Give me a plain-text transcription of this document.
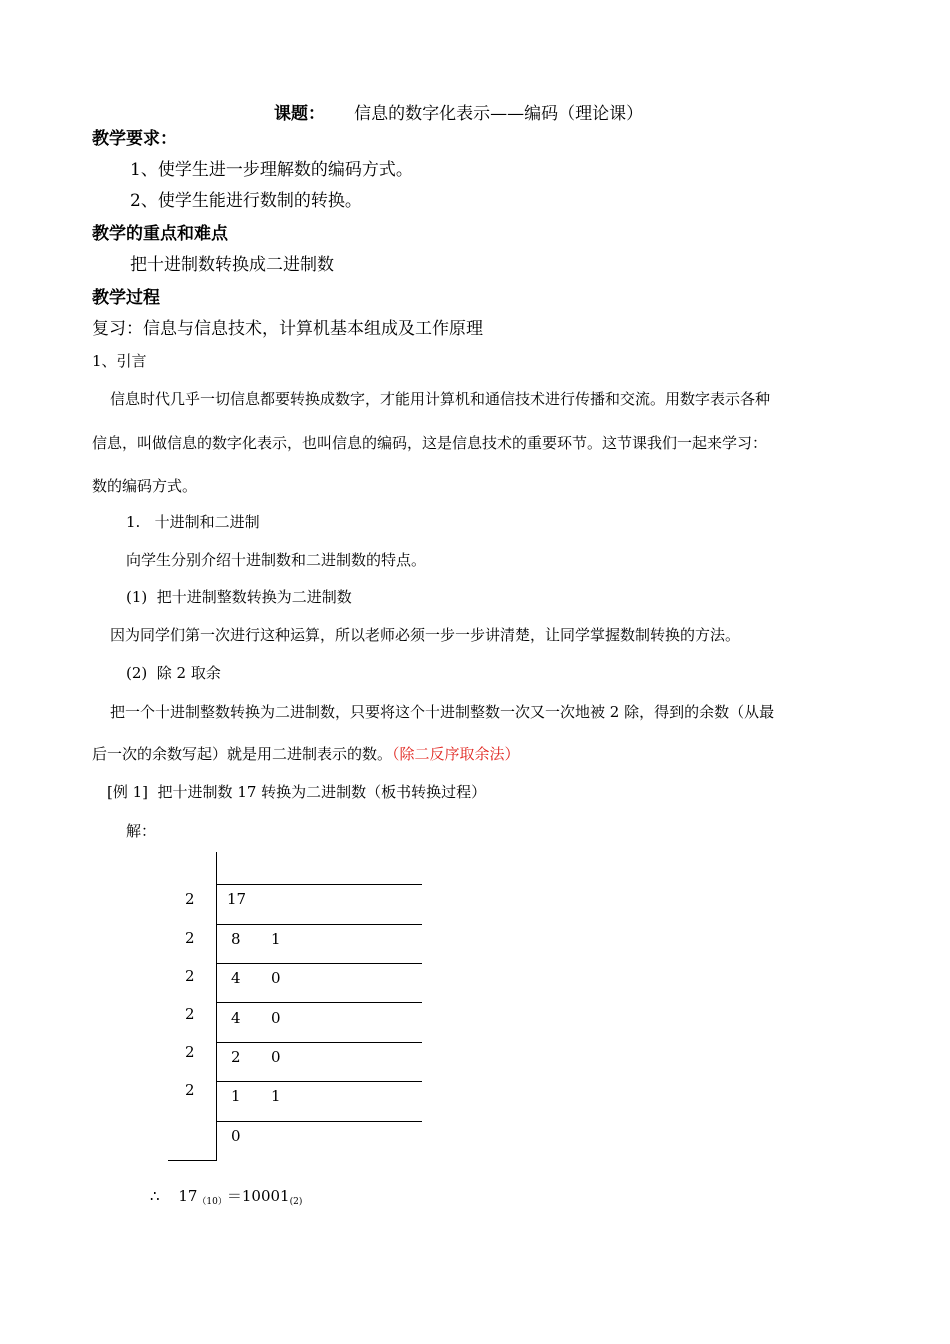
课题： 信息的数字化表示——编码（理论课）
教学要求：
1、使学生进一步理解数的编码方式。
2、使学生能进行数制的转换。
教学的重点和难点
把十进制数转换成二进制数
教学过程
复习：信息与信息技术，计算机基本组成及工作原理
1、引言
信息时代几乎一切信息都要转换成数字，才能用计算机和通信技术进行传播和交流。用数字表示各种
信息，叫做信息的数字化表示，也叫信息的编码，这是信息技术的重要环节。这节课我们一起来学习：
数的编码方式。
1.   十进制和二进制
向学生分别介绍十进制数和二进制数的特点。
(1)  把十进制整数转换为二进制数
因为同学们第一次进行这种运算，所以老师必须一步一步讲清楚，让同学掌握数制转换的方法。
(2)  除 2 取余
把一个十进制整数转换为二进制数，只要将这个十进制整数一次又一次地被 2 除，得到的余数（从最
后一次的余数写起）就是用二进制表示的数。（除二反序取余法）
[例 1]  把十进制数 17 转换为二进制数（板书转换过程）
解：
2 17
2 8 1
2 4 0
2 4 0
2 2 0
2 1 1
0
∴ $17_{(10)}=10001_{(2)}$
